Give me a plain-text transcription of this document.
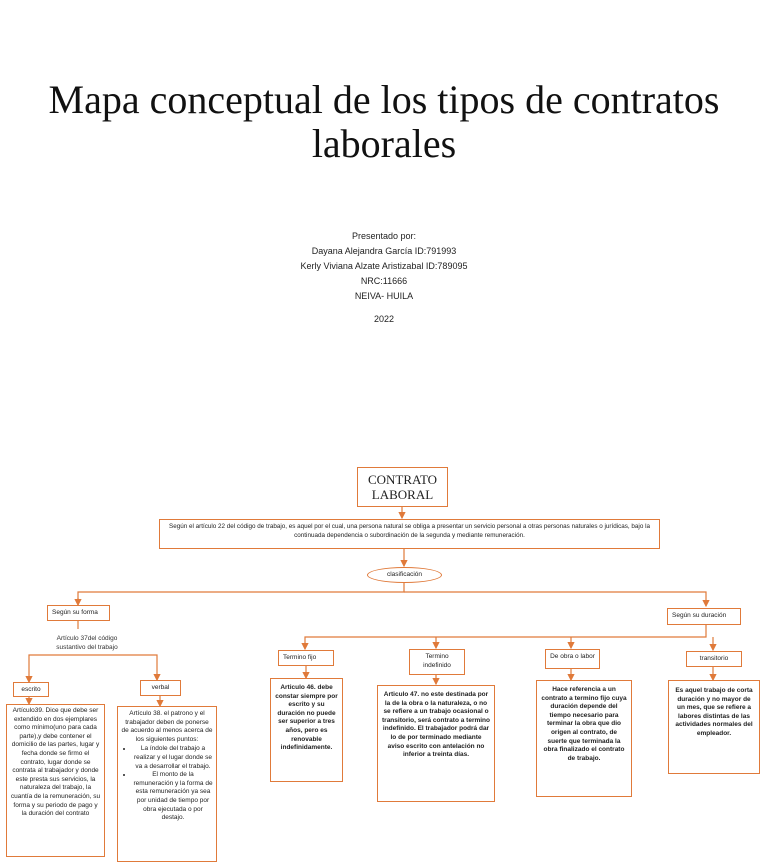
Mapa conceptual de los tipos de contratos laborales
Presentado por:
Dayana Alejandra García ID:791993
Kerly Viviana Alzate Aristizabal ID:789095
NRC:11666
NEIVA- HUILA
2022
CONTRATO LABORAL
Según el artículo 22 del código de trabajo, es aquel por el cual, una persona natural se obliga a presentar un servicio personal a otras personas naturales o jurídicas, bajo la continuada dependencia o subordinación de la segunda y mediante remuneración.
clasificación
Según su forma
Artículo 37del código sustantivo del trabajo
escrito
Artículo39. Dice que debe ser extendido en dos ejemplares como mínimo(uno para cada parte),y debe contener el domicilio de las partes, lugar y fecha donde se firmo el contrato, lugar donde se contrata al trabajador y donde este presta sus servicios, la naturaleza del trabajo, la cuantía de la remuneración, su forma y su periodo de pago y la duración del contrato
verbal
Artículo 38. el patrono y el trabajador deben de ponerse de acuerdo al menos acerca de los siguientes puntos:
• La índole del trabajo a realizar y el lugar donde se va a desarrollar el trabajo.
• El monto de la remuneración y la forma de esta remuneración ya sea por unidad de tiempo por obra ejecutada o por destajo.
Según su duración
Termino fijo
Articulo 46. debe constar siempre por escrito y su duración no puede ser superior a tres años, pero es renovable indefinidamente.
Termino indefinido
Articulo 47. no este destinada por la de la obra o la naturaleza, o no se refiere a un trabajo ocasional o transitorio, será contrato a termino indefinido. El trabajador podrá dar lo de por terminado mediante aviso escrito con antelación no inferior a treinta días.
De obra o labor
Hace referencia a un contrato a termino fijo cuya duración depende del tiempo necesario para terminar la obra que dio origen al contrato, de suerte que terminada la obra finalizado el contrato de trabajo.
transitorio
Es aquel trabajo de corta duración y no mayor de un mes, que se refiere a labores distintas de las actividades normales del empleador.
